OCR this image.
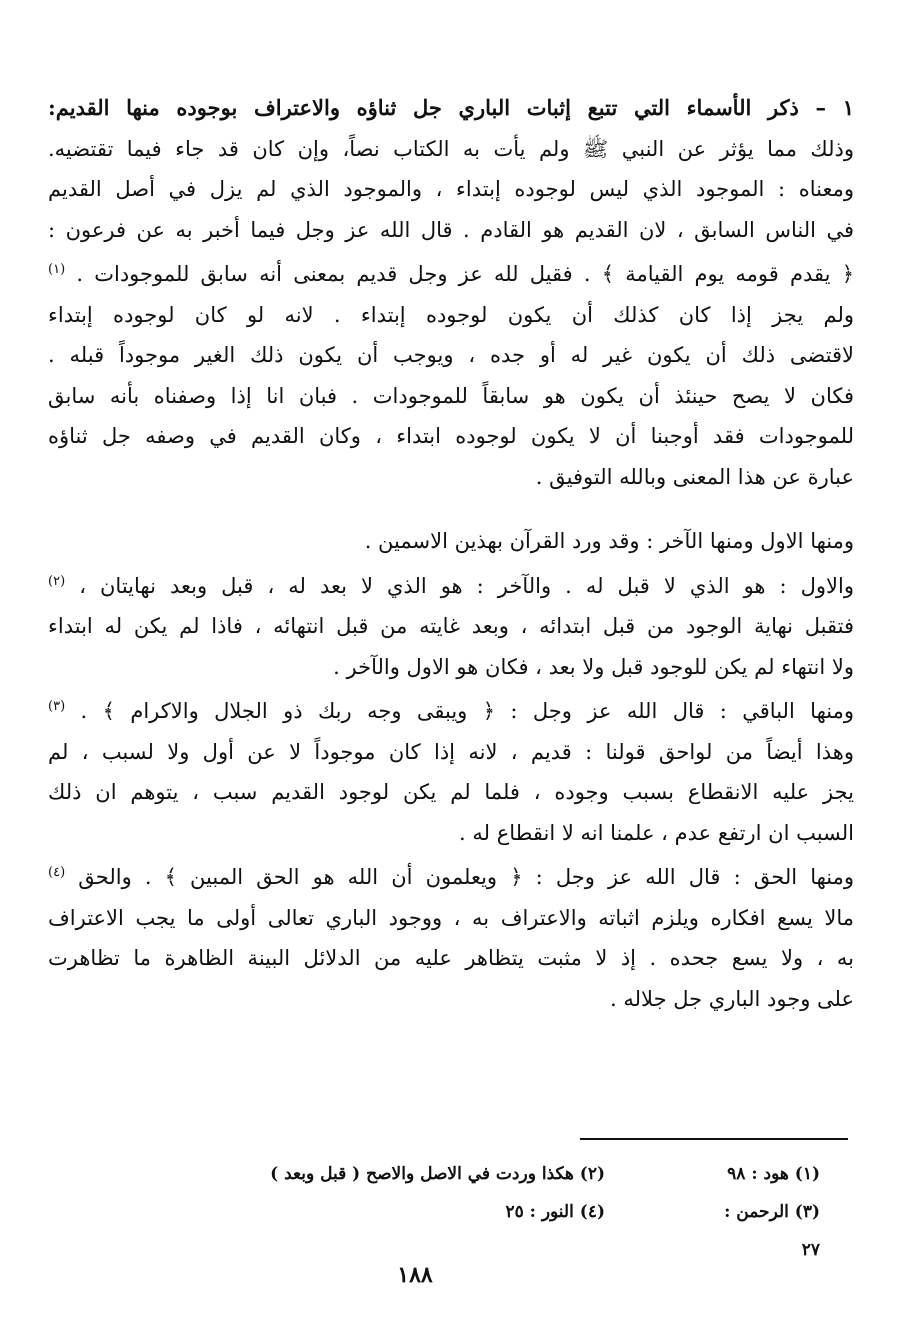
١ – ذكر الأسماء التي تتبع إثبات الباري جل ثناؤه والاعتراف بوجوده منها القديم:
وذلك مما يؤثر عن النبي ﷺ ولم يأت به الكتاب نصاً، وإن كان قد جاء فيما تقتضيه.
ومعناه : الموجود الذي ليس لوجوده إبتداء ، والموجود الذي لم يزل في أصل القديم
في الناس السابق ، لان القديم هو القادم . قال الله عز وجل فيما أخبر به عن فرعون :
﴿ يقدم قومه يوم القيامة ﴾ . فقيل لله عز وجل قديم بمعنى أنه سابق للموجودات . $^{(١)}$
ولم يجز إذا كان كذلك أن يكون لوجوده إبتداء . لانه لو كان لوجوده إبتداء
لاقتضى ذلك أن يكون غير له أو جده ، ويوجب أن يكون ذلك الغير موجوداً قبله .
فكان لا يصح حينئذ أن يكون هو سابقاً للموجودات . فبان انا إذا وصفناه بأنه سابق
للموجودات فقد أوجبنا أن لا يكون لوجوده ابتداء ، وكان القديم في وصفه جل ثناؤه
عبارة عن هذا المعنى وبالله التوفيق .
ومنها الاول ومنها الآخر : وقد ورد القرآن بهذين الاسمين .
والاول : هو الذي لا قبل له . والآخر : هو الذي لا بعد له ، قبل وبعد نهايتان ، $^{(٢)}$
فتقبل نهاية الوجود من قبل ابتدائه ، وبعد غايته من قبل انتهائه ، فاذا لم يكن له ابتداء
ولا انتهاء لم يكن للوجود قبل ولا بعد ، فكان هو الاول والآخر .
ومنها الباقي : قال الله عز وجل : ﴿ ويبقى وجه ربك ذو الجلال والاكرام ﴾ . $^{(٣)}$
وهذا أيضاً من لواحق قولنا : قديم ، لانه إذا كان موجوداً لا عن أول ولا لسبب ، لم
يجز عليه الانقطاع بسبب وجوده ، فلما لم يكن لوجود القديم سبب ، يتوهم ان ذلك
السبب ان ارتفع عدم ، علمنا انه لا انقطاع له .
ومنها الحق : قال الله عز وجل : ﴿ ويعلمون أن الله هو الحق المبين ﴾ . والحق $^{(٤)}$
مالا يسع افكاره ويلزم اثباته والاعتراف به ، ووجود الباري تعالى أولى ما يجب الاعتراف
به ، ولا يسع جحده . إذ لا مثبت يتظاهر عليه من الدلائل البينة الظاهرة ما تظاهرت
على وجود الباري جل جلاله .
(١) هود : ٩٨
(٢) هكذا وردت في الاصل والاصح ( قبل وبعد )
(٣) الرحمن : ٢٧
(٤) النور : ٢٥
١٨٨
